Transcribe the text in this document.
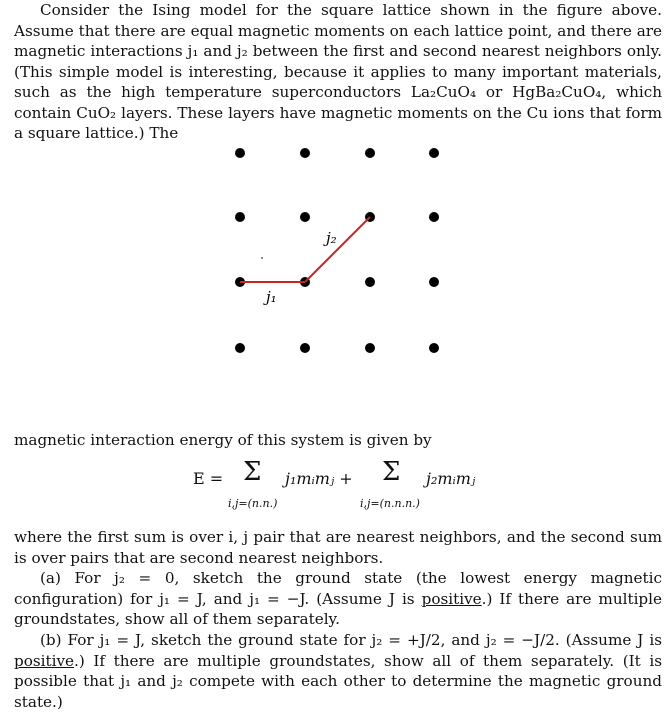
Consider the Ising model for the square lattice shown in the figure above. Assume that there are equal magnetic moments on each lattice point, and there are magnetic interactions j₁ and j₂ between the first and second nearest neighbors only. (This simple model is interesting, because it applies to many important materials, such as the high temperature superconductors La₂CuO₄ or HgBa₂CuO₄, which contain CuO₂ layers. These layers have magnetic moments on the Cu ions that form a square lattice.) The
j₁
j₂
magnetic interaction energy of this system is given by
E = Σ j₁mᵢmⱼ +
i,j=(n.n.)
Σ j₂mᵢmⱼ
i,j=(n.n.n.)
where the first sum is over i, j pair that are nearest neighbors, and the second sum is over pairs that are second nearest neighbors.
(a) For j₂ = 0, sketch the ground state (the lowest energy magnetic configuration) for j₁ = J, and j₁ = −J. (Assume J is positive.) If there are multiple groundstates, show all of them separately.
(b) For j₁ = J, sketch the ground state for j₂ = +J/2, and j₂ = −J/2. (Assume J is positive.) If there are multiple groundstates, show all of them separately. (It is possible that j₁ and j₂ compete with each other to determine the magnetic ground state.)
